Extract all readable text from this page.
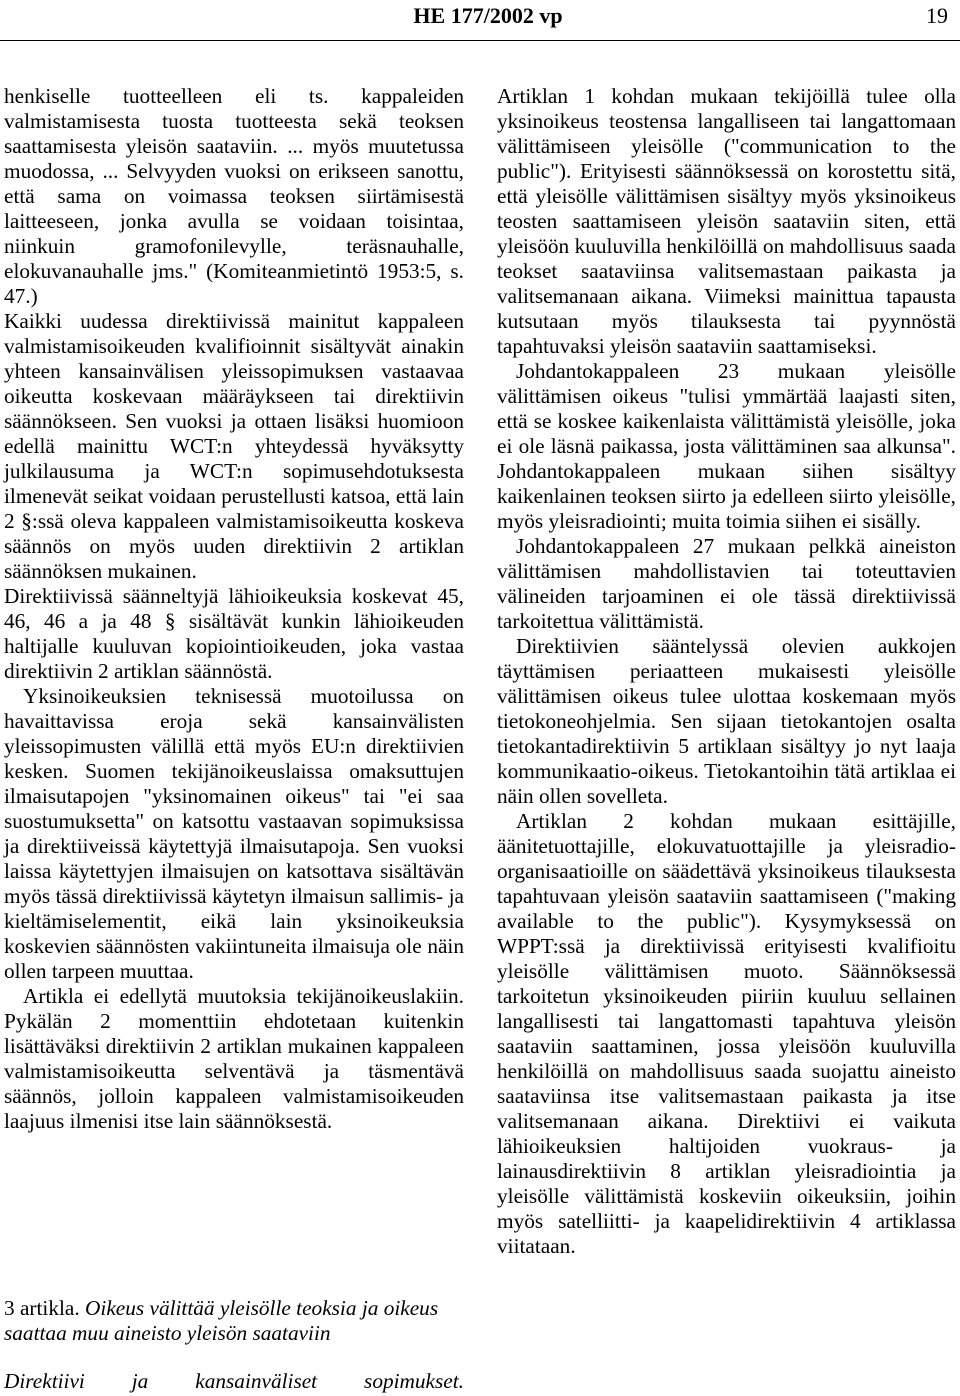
HE 177/2002 vp	19

henkiselle tuotteelleen eli ts. kappaleiden valmistamisesta tuosta tuotteesta sekä teoksen saattamisesta yleisön saataviin. ... myös muutetussa muodossa, ... Selvyyden vuoksi on erikseen sanottu, että sama on voimassa teoksen siirtämisestä laitteeseen, jonka avulla se voidaan toisintaa, niinkuin gramofonilevylle, teräsnauhalle, elokuvanauhalle jms." (Komiteanmietintö 1953:5, s. 47.)

Kaikki uudessa direktiivissä mainitut kappaleen valmistamisoikeuden kvalifioinnit sisältyvät ainakin yhteen kansainvälisen yleissopimuksen vastaavaa oikeutta koskevaan määräykseen tai direktiivin säännökseen. Sen vuoksi ja ottaen lisäksi huomioon edellä mainittu WCT:n yhteydessä hyväksytty julkilausuma ja WCT:n sopimusehdotuksesta ilmenevät seikat voidaan perustellusti katsoa, että lain 2 §:ssä oleva kappaleen valmistamisoikeutta koskeva säännös on myös uuden direktiivin 2 artiklan säännöksen mukainen.

Direktiivissä säänneltyjä lähioikeuksia koskevat 45, 46, 46 a ja 48 § sisältävät kunkin lähioikeuden haltijalle kuuluvan kopiointioikeuden, joka vastaa direktiivin 2 artiklan säännöstä.

Yksinoikeuksien teknisessä muotoilussa on havaittavissa eroja sekä kansainvälisten yleissopimusten välillä että myös EU:n direktiivien kesken. Suomen tekijänoikeuslaissa omaksuttujen ilmaisutapojen "yksinomainen oikeus" tai "ei saa suostumuksetta" on katsottu vastaavan sopimuksissa ja direktiiveissä käytettyjä ilmaisutapoja. Sen vuoksi laissa käytettyjen ilmaisujen on katsottava sisältävän myös tässä direktiivissä käytetyn ilmaisun sallimis- ja kieltämiselementit, eikä lain yksinoikeuksia koskevien säännösten vakiintuneita ilmaisuja ole näin ollen tarpeen muuttaa.

Artikla ei edellytä muutoksia tekijänoikeuslakiin. Pykälän 2 momenttiin ehdotetaan kuitenkin lisättäväksi direktiivin 2 artiklan mukainen kappaleen valmistamisoikeutta selventävä ja täsmentävä säännös, jolloin kappaleen valmistamisoikeuden laajuus ilmenisi itse lain säännöksestä.

3 artikla. Oikeus välittää yleisölle teoksia ja oikeus saattaa muu aineisto yleisön saataviin
Direktiivi ja kansainväliset sopimukset.

Artiklan 1 kohdan mukaan tekijöillä tulee olla yksinoikeus teostensa langalliseen tai langattomaan välittämiseen yleisölle ("communication to the public"). Erityisesti säännöksessä on korostettu sitä, että yleisölle välittämisen sisältyy myös yksinoikeus teosten saattamiseen yleisön saataviin siten, että yleisöön kuuluvilla henkilöillä on mahdollisuus saada teokset saataviinsa valitsemastaan paikasta ja valitsemanaan aikana. Viimeksi mainittua tapausta kutsutaan myös tilauksesta tai pyynnöstä tapahtuvaksi yleisön saataviin saattamiseksi.

Johdantokappaleen 23 mukaan yleisölle välittämisen oikeus "tulisi ymmärtää laajasti siten, että se koskee kaikenlaista välittämistä yleisölle, joka ei ole läsnä paikassa, josta välittäminen saa alkunsa". Johdantokappaleen mukaan siihen sisältyy kaikenlainen teoksen siirto ja edelleen siirto yleisölle, myös yleisradiointi; muita toimia siihen ei sisälly.

Johdantokappaleen 27 mukaan pelkkä aineiston välittämisen mahdollistavien tai toteuttavien välineiden tarjoaminen ei ole tässä direktiivissä tarkoitettua välittämistä.

Direktiivien sääntelyssä olevien aukkojen täyttämisen periaatteen mukaisesti yleisölle välittämisen oikeus tulee ulottaa koskemaan myös tietokoneohjelmia. Sen sijaan tietokantojen osalta tietokantadirektiivin 5 artiklaan sisältyy jo nyt laaja kommunikaatio-oikeus. Tietokantoihin tätä artiklaa ei näin ollen sovelleta.

Artiklan 2 kohdan mukaan esittäjille, äänitetuottajille, elokuvatuottajille ja yleisradio-organisaatioille on säädettävä yksinoikeus tilauksesta tapahtuvaan yleisön saataviin saattamiseen ("making available to the public"). Kysymyksessä on WPPT:ssä ja direktiivissä erityisesti kvalifioitu yleisölle välittämisen muoto. Säännöksessä tarkoitetun yksinoikeuden piiriin kuuluu sellainen langallisesti tai langattomasti tapahtuva yleisön saataviin saattaminen, jossa yleisöön kuuluvilla henkilöillä on mahdollisuus saada suojattu aineisto saataviinsa itse valitsemastaan paikasta ja itse valitsemanaan aikana. Direktiivi ei vaikuta lähioikeuksien haltijoiden vuokraus- ja lainausdirektiivin 8 artiklan yleisradiointia ja yleisölle välittämistä koskeviin oikeuksiin, joihin myös satelliitti- ja kaapelidirektiivin 4 artiklassa viitataan.
